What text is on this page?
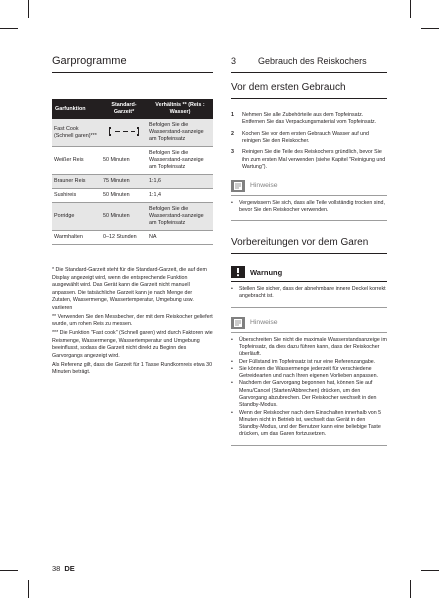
Garprogramme
Garfunktion	Standard-Garzeit*	Verhältnis ** (Reis : Wasser)
Fast Cook (Schnell garen)***		Befolgen Sie die Wasserstand-sanzeige am Topfeinsatz
Weißer Reis	50 Minuten	Befolgen Sie die Wasserstand-sanzeige am Topfeinsatz
Brauner Reis	75 Minuten	1:1,6
Sushireis	50 Minuten	1:1,4
Porridge	50 Minuten	Befolgen Sie die Wasserstand-sanzeige am Topfeinsatz
Warmhalten	0–12 Stunden	NA

* Die Standard-Garzeit steht für die Standard-Garzeit, die auf dem Display angezeigt wird, wenn die entsprechende Funktion ausgewählt wird. Das Gerät kann die Garzeit nicht manuell anpassen. Die tatsächliche Garzeit kann je nach Menge der Zutaten, Wassermenge, Wassertemperatur, Umgebung usw. variieren

** Verwenden Sie den Messbecher, der mit dem Reiskocher geliefert wurde, um rohen Reis zu messen.

*** Die Funktion "Fast cook" (Schnell garen) wird durch Faktoren wie Reismenge, Wassermenge, Wassertemperatur und Umgebung beeinflusst, sodass die Garzeit nicht direkt zu Beginn des Garvorgangs angezeigt wird.

Als Referenz gilt, dass die Garzeit für 1 Tasse Rundkornreis etwa 30 Minuten beträgt.

3 Gebrauch des Reiskochers
Vor dem ersten Gebrauch
1	Nehmen Sie alle Zubehörteile aus dem Topfeinsatz. Entfernen Sie das Verpackungsmaterial vom Topfeinsatz.
2	Kochen Sie vor dem ersten Gebrauch Wasser auf und reinigen Sie den Reiskocher.
3	Reinigen Sie die Teile des Reiskochers gründlich, bevor Sie ihn zum ersten Mal verwenden (siehe Kapitel "Reinigung und Wartung").
Hinweise
•	Vergewissern Sie sich, dass alle Teile vollständig trocken sind, bevor Sie den Reiskocher verwenden.
Vorbereitungen vor dem Garen
Warnung
•	Stellen Sie sicher, dass der abnehmbare innere Deckel korrekt angebracht ist.
Hinweise
•	Überschreiten Sie nicht die maximale Wasserstandsanzeige im Topfeinsatz, da dies dazu führen kann, dass der Reiskocher überläuft.
•	Der Füllstand im Topfeinsatz ist nur eine Referenzangabe.
•	Sie können die Wassermenge jederzeit für verschiedene Getreidearten und nach Ihren eigenen Vorlieben anpassen.
•	Nachdem der Garvorgang begonnen hat, können Sie auf Menu/Cancel (Starten/Abbrechen) drücken, um den Garvorgang abzubrechen. Der Reiskocher wechselt in den Standby-Modus.
•	Wenn der Reiskocher nach dem Einschalten innerhalb von 5 Minuten nicht in Betrieb ist, wechselt das Gerät in den Standby-Modus, und der Benutzer kann eine beliebige Taste drücken, um das Garen fortzusetzen.
38 DE
